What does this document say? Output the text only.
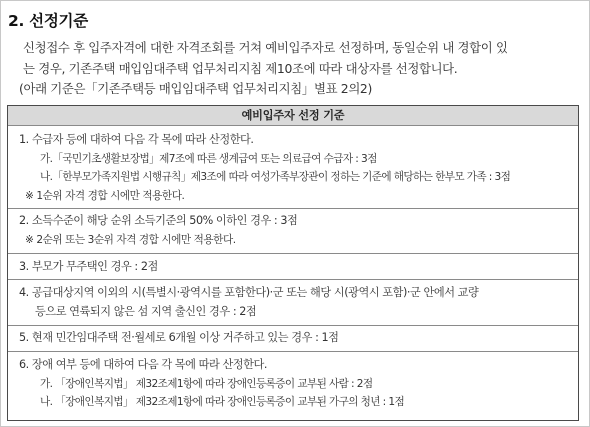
2. 선정기준

신청접수 후 입주자격에 대한 자격조회를 거쳐 예비입주자로 선정하며, 동일순위 내 경합이 있

는 경우, 기존주택 매입임대주택 업무처리지침 제10조에 따라 대상자를 선정합니다.

(아래 기준은「기존주택등 매입임대주택 업무처리지침」별표 2의2)

예비입주자 선정 기준
1. 수급자 등에 대하여 다음 각 목에 따라 산정한다.
가.「국민기초생활보장법」제7조에 따른 생계급여 또는 의료급여 수급자 : 3점
나.「한부모가족지원법 시행규칙」제3조에 따라 여성가족부장관이 정하는 기준에 해당하는 한부모 가족 : 3점
※ 1순위 자격 경합 시에만 적용한다.
2. 소득수준이 해당 순위 소득기준의 50% 이하인 경우 : 3점
※ 2순위 또는 3순위 자격 경합 시에만 적용한다.
3. 부모가 무주택인 경우 : 2점
4. 공급대상지역 이외의 시(특별시·광역시를 포함한다)·군 또는 해당 시(광역시 포함)·군 안에서 교량
등으로 연륙되지 않은 섬 지역 출신인 경우 : 2점
5. 현재 민간임대주택 전·월세로 6개월 이상 거주하고 있는 경우 : 1점
6. 장애 여부 등에 대하여 다음 각 목에 따라 산정한다.
가. 「장애인복지법」 제32조제1항에 따라 장애인등록증이 교부된 사람 : 2점
나. 「장애인복지법」 제32조제1항에 따라 장애인등록증이 교부된 가구의 청년 : 1점
